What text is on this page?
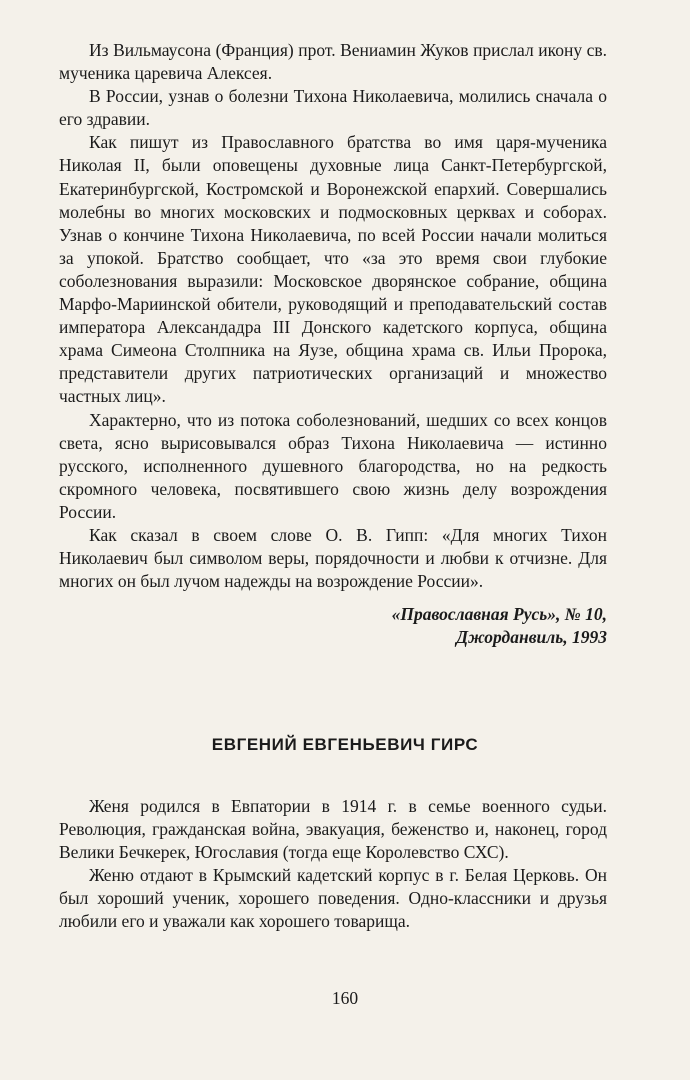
Из Вильмаусона (Франция) прот. Вениамин Жуков прислал икону св. мученика царевича Алексея.

В России, узнав о болезни Тихона Николаевича, молились сначала о его здравии.

Как пишут из Православного братства во имя царя-мученика Николая II, были оповещены духовные лица Санкт-Петербургской, Екатеринбургской, Костромской и Воронежской епархий. Совершались молебны во многих московских и подмосковных церквах и соборах. Узнав о кончине Тихона Николаевича, по всей России начали молиться за упокой. Братство сообщает, что «за это время свои глубокие соболезнования выразили: Московское дворянское собрание, община Марфо-Мариинской обители, руководящий и преподавательский состав императора Александадра III Донского кадетского корпуса, община храма Симеона Столпника на Яузе, община храма св. Ильи Пророка, представители других патриотических организаций и множество частных лиц».

Характерно, что из потока соболезнований, шедших со всех концов света, ясно вырисовывался образ Тихона Николаевича — истинно русского, исполненного душевного благородства, но на редкость скромного человека, посвятившего свою жизнь делу возрождения России.

Как сказал в своем слове О. В. Гипп: «Для многих Тихон Николаевич был символом веры, порядочности и любви к отчизне. Для многих он был лучом надежды на возрождение России».

«Православная Русь», № 10,
Джорданвиль, 1993
ЕВГЕНИЙ ЕВГЕНЬЕВИЧ ГИРС

Женя родился в Евпатории в 1914 г. в семье военного судьи. Революция, гражданская война, эвакуация, беженство и, наконец, город Велики Бечкерек, Югославия (тогда еще Королевство СХС).

Женю отдают в Крымский кадетский корпус в г. Белая Церковь. Он был хороший ученик, хорошего поведения. Одно-классники и друзья любили его и уважали как хорошего товарища.

160
